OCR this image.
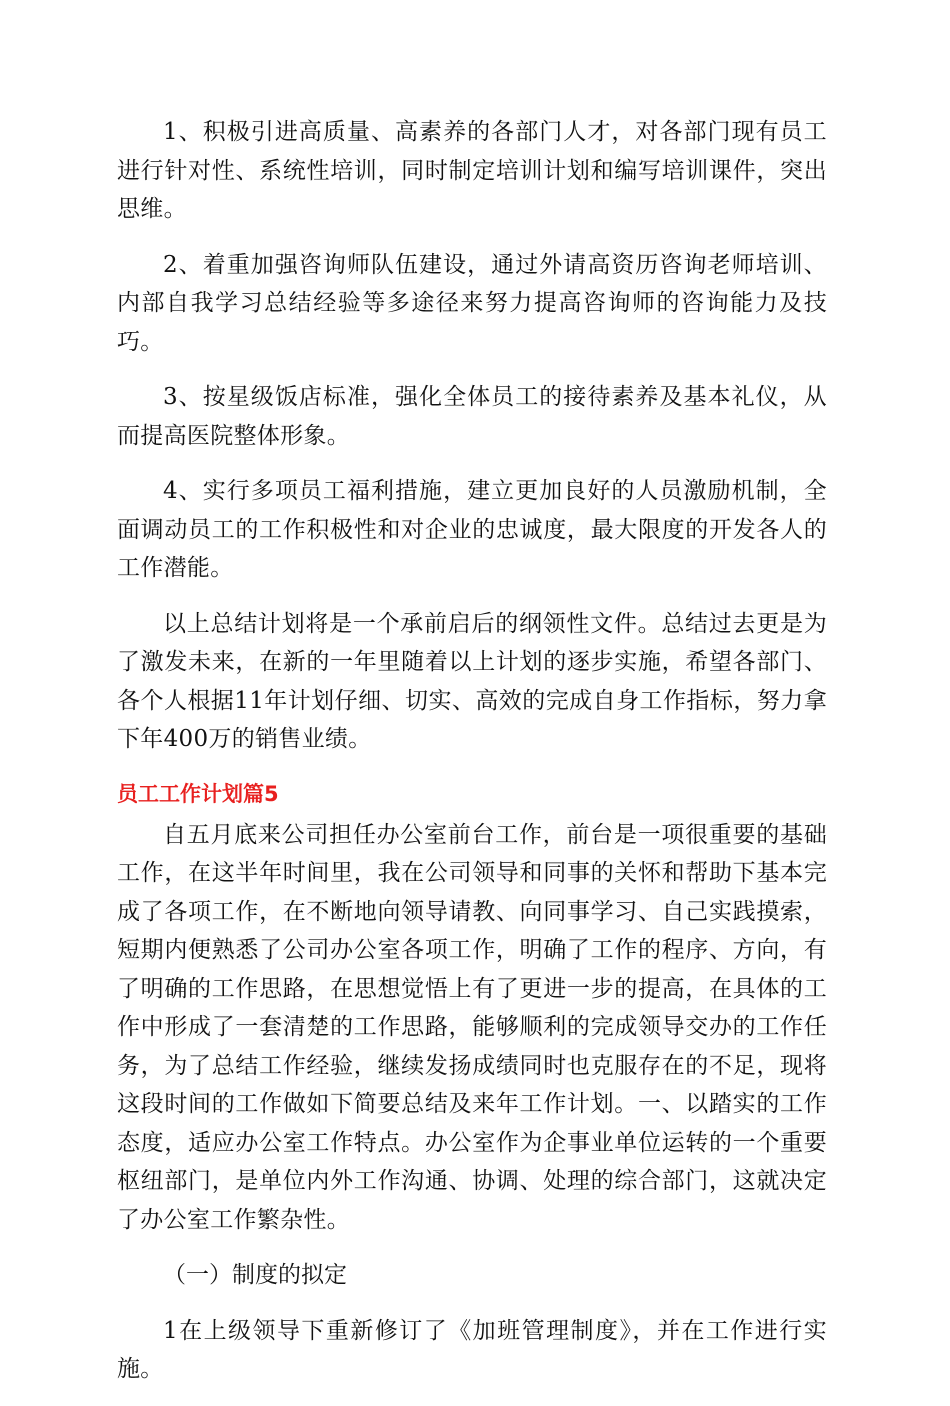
1、积极引进高质量、高素养的各部门人才，对各部门现有员工进行针对性、系统性培训，同时制定培训计划和编写培训课件，突出思维。

2、着重加强咨询师队伍建设，通过外请高资历咨询老师培训、内部自我学习总结经验等多途径来努力提高咨询师的咨询能力及技巧。

3、按星级饭店标准，强化全体员工的接待素养及基本礼仪，从而提高医院整体形象。

4、实行多项员工福利措施，建立更加良好的人员激励机制，全面调动员工的工作积极性和对企业的忠诚度，最大限度的开发各人的工作潜能。

以上总结计划将是一个承前启后的纲领性文件。总结过去更是为了激发未来，在新的一年里随着以上计划的逐步实施，希望各部门、各个人根据11年计划仔细、切实、高效的完成自身工作指标，努力拿下年400万的销售业绩。

员工工作计划篇5

自五月底来公司担任办公室前台工作，前台是一项很重要的基础工作，在这半年时间里，我在公司领导和同事的关怀和帮助下基本完成了各项工作，在不断地向领导请教、向同事学习、自己实践摸索，短期内便熟悉了公司办公室各项工作，明确了工作的程序、方向，有了明确的工作思路，在思想觉悟上有了更进一步的提高，在具体的工作中形成了一套清楚的工作思路，能够顺利的完成领导交办的工作任务，为了总结工作经验，继续发扬成绩同时也克服存在的不足，现将这段时间的工作做如下简要总结及来年工作计划。一、以踏实的工作态度，适应办公室工作特点。办公室作为企事业单位运转的一个重要枢纽部门，是单位内外工作沟通、协调、处理的综合部门，这就决定了办公室工作繁杂性。

（一）制度的拟定

1在上级领导下重新修订了《加班管理制度》，并在工作进行实施。
